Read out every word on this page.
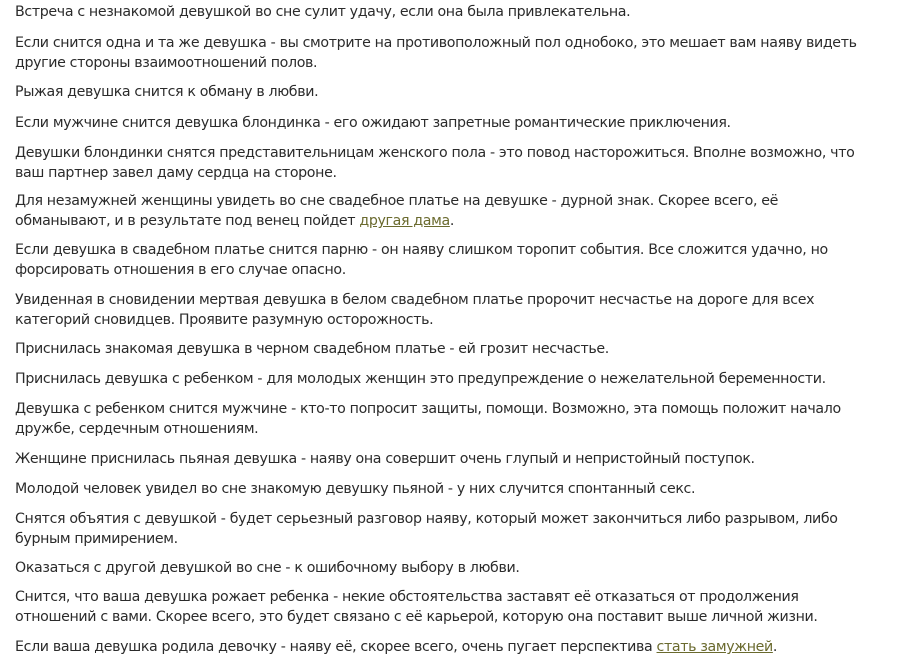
Встреча с незнакомой девушкой во сне сулит удачу, если она была привлекательна.

Если снится одна и та же девушка - вы смотрите на противоположный пол однобоко, это мешает вам наяву видеть
другие стороны взаимоотношений полов.

Рыжая девушка снится к обману в любви.

Если мужчине снится девушка блондинка - его ожидают запретные романтические приключения.

Девушки блондинки снятся представительницам женского пола - это повод насторожиться. Вполне возможно, что
ваш партнер завел даму сердца на стороне.

Для незамужней женщины увидеть во сне свадебное платье на девушке - дурной знак. Скорее всего, её
обманывают, и в результате под венец пойдет другая дама.

Если девушка в свадебном платье снится парню - он наяву слишком торопит события. Все сложится удачно, но
форсировать отношения в его случае опасно.

Увиденная в сновидении мертвая девушка в белом свадебном платье пророчит несчастье на дороге для всех
категорий сновидцев. Проявите разумную осторожность.

Приснилась знакомая девушка в черном свадебном платье - ей грозит несчастье.

Приснилась девушка с ребенком - для молодых женщин это предупреждение о нежелательной беременности.

Девушка с ребенком снится мужчине - кто-то попросит защиты, помощи. Возможно, эта помощь положит начало
дружбе, сердечным отношениям.

Женщине приснилась пьяная девушка - наяву она совершит очень глупый и непристойный поступок.

Молодой человек увидел во сне знакомую девушку пьяной - у них случится спонтанный секс.

Снятся объятия с девушкой - будет серьезный разговор наяву, который может закончиться либо разрывом, либо
бурным примирением.

Оказаться с другой девушкой во сне - к ошибочному выбору в любви.

Снится, что ваша девушка рожает ребенка - некие обстоятельства заставят её отказаться от продолжения
отношений с вами. Скорее всего, это будет связано с её карьерой, которую она поставит выше личной жизни.

Если ваша девушка родила девочку - наяву её, скорее всего, очень пугает перспектива стать замужней.
